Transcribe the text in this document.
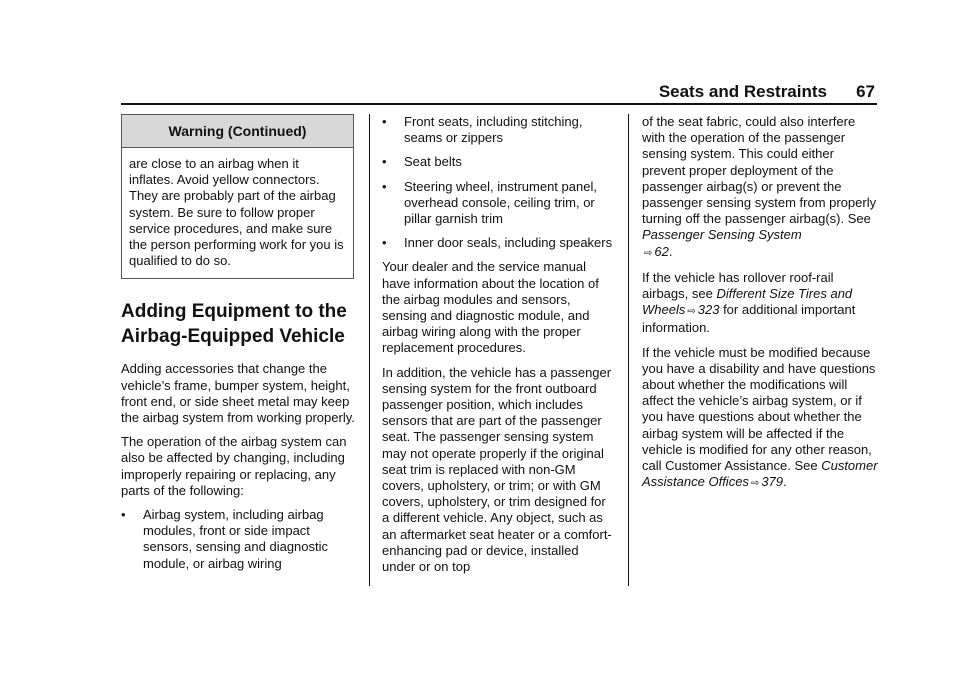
Seats and Restraints 67
Warning (Continued)
are close to an airbag when it inflates. Avoid yellow connectors. They are probably part of the airbag system. Be sure to follow proper service procedures, and make sure the person performing work for you is qualified to do so.
Adding Equipment to the Airbag-Equipped Vehicle

Adding accessories that change the vehicle’s frame, bumper system, height, front end, or side sheet metal may keep the airbag system from working properly.

The operation of the airbag system can also be affected by changing, including improperly repairing or replacing, any parts of the following:

•	Airbag system, including airbag modules, front or side impact sensors, sensing and diagnostic module, or airbag wiring
•	Front seats, including stitching, seams or zippers
•	Seat belts
•	Steering wheel, instrument panel, overhead console, ceiling trim, or pillar garnish trim
•	Inner door seals, including speakers

Your dealer and the service manual have information about the location of the airbag modules and sensors, sensing and diagnostic module, and airbag wiring along with the proper replacement procedures.

In addition, the vehicle has a passenger sensing system for the front outboard passenger position, which includes sensors that are part of the passenger seat. The passenger sensing system may not operate properly if the original seat trim is replaced with non-GM covers, upholstery, or trim; or with GM covers, upholstery, or trim designed for a different vehicle. Any object, such as an aftermarket seat heater or a comfort-enhancing pad or device, installed under or on top

of the seat fabric, could also interfere with the operation of the passenger sensing system. This could either prevent proper deployment of the passenger airbag(s) or prevent the passenger sensing system from properly turning off the passenger airbag(s). See Passenger Sensing System
⇨ 62.

If the vehicle has rollover roof-rail airbags, see Different Size Tires and Wheels ⇨ 323 for additional important information.

If the vehicle must be modified because you have a disability and have questions about whether the modifications will affect the vehicle’s airbag system, or if you have questions about whether the airbag system will be affected if the vehicle is modified for any other reason, call Customer Assistance. See Customer Assistance Offices ⇨ 379.
